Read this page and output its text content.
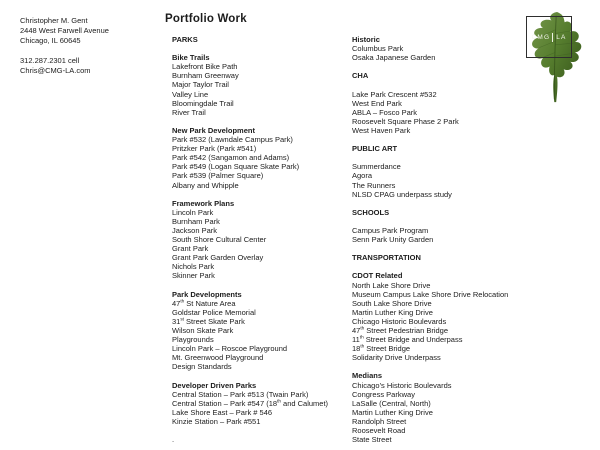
Christopher M. Gent
2448 West Farwell Avenue
Chicago, IL 60645
312.287.2301 cell
Chris@CMG-LA.com
Portfolio Work
PARKS

Bike Trails
Lakefront Bike Path
Burnham Greenway
Major Taylor Trail
Valley Line
Bloomingdale Trail
River Trail

New Park Development
Park #532 (Lawndale Campus Park)
Pritzker Park (Park #541)
Park #542 (Sangamon and Adams)
Park #549 (Logan Square Skate Park)
Park #539 (Palmer Square)
Albany and Whipple

Framework Plans
Lincoln Park
Burnham Park
Jackson Park
South Shore Cultural Center
Grant Park
Grant Park Garden Overlay
Nichols Park
Skinner Park

Park Developments
47th St Nature Area
Goldstar Police Memorial
31st Street Skate Park
Wilson Skate Park
Playgrounds
Lincoln Park – Roscoe Playground
Mt. Greenwood Playground
Design Standards

Developer Driven Parks
Central Station – Park #513 (Twain Park)
Central Station – Park #547 (18th and Calumet)
Lake Shore East – Park # 546
Kinzie Station – Park #551

.
Historic
Columbus Park
Osaka Japanese Garden

CHA

Lake Park Crescent #532
West End Park
ABLA – Fosco Park
Roosevelt Square Phase 2 Park
West Haven Park

PUBLIC ART

Summerdance
Agora
The Runners
NLSD CPAG underpass study

SCHOOLS

Campus Park Program
Senn Park Unity Garden

TRANSPORTATION

CDOT Related
North Lake Shore Drive
Museum Campus Lake Shore Drive Relocation
South Lake Shore Drive
Martin Luther King Drive
Chicago Historic Boulevards
47th Street Pedestrian Bridge
11th Street Bridge and Underpass
18th Street Bridge
Solidarity Drive Underpass

Medians
Chicago’s Historic Boulevards
Congress Parkway
LaSalle (Central, North)
Martin Luther King Drive
Randolph Street
Roosevelt Road
State Street
CMG LA
